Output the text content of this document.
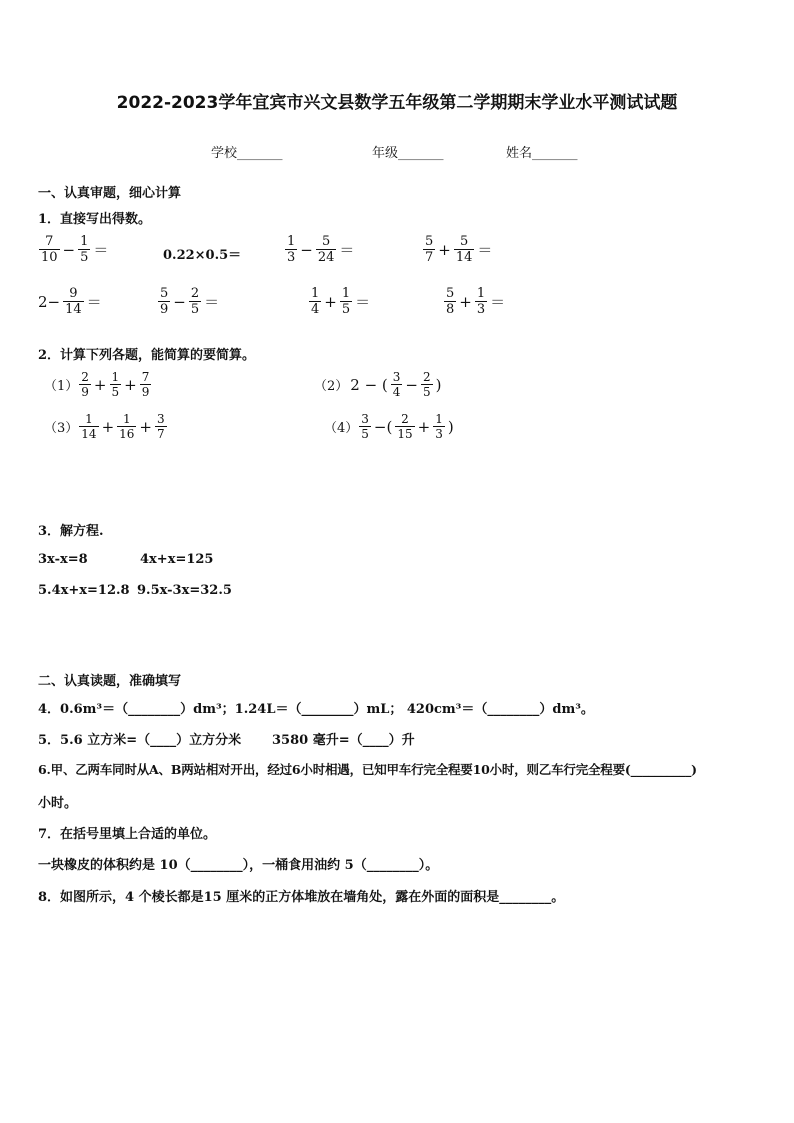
2022-2023学年宜宾市兴文县数学五年级第二学期期末学业水平测试试题
学校_______	年级_______	姓名_______
一、认真审题，细心计算
1．直接写出得数。
$\frac{7}{10} - \frac{1}{5}$ ＝	0.22×0.5＝	$\frac{1}{3} - \frac{5}{24}$ ＝	$\frac{5}{7} + \frac{5}{14}$ ＝
$2- \frac{9}{14}$ ＝	$\frac{5}{9} - \frac{2}{5}$ ＝	$\frac{1}{4} + \frac{1}{5}$ ＝	$\frac{5}{8} + \frac{1}{3}$ ＝
2．计算下列各题，能简算的要简算。
$(1) \frac{2}{9} + \frac{1}{5} + \frac{7}{9}$	（2） 2 − ( $\frac{3}{4} - \frac{2}{5}$ )
$(3) \frac{1}{14} + \frac{1}{16} + \frac{3}{7}$	$(4) \frac{3}{5}$ −( $\frac{2}{15} + \frac{1}{3}$ )
3．解方程.
3x-x=8	4x+x=125
5.4x+x=12.8 9.5x-3x=32.5
二、认真读题，准确填写
4．0.6m³＝（________）dm³；1.24L＝（________）mL； 420cm³＝（________）dm³。
5．5.6 立方米=（____）立方分米 3580 毫升=（____）升
6.甲、乙两车同时从A、B两站相对开出，经过6小时相遇，已知甲车行完全程要10小时，则乙车行完全程要(__________)
小时。
7．在括号里填上合适的单位。
一块橡皮的体积约是 10（________），一桶食用油约 5（________）。
8．如图所示，4 个棱长都是15 厘米的正方体堆放在墙角处，露在外面的面积是________。
